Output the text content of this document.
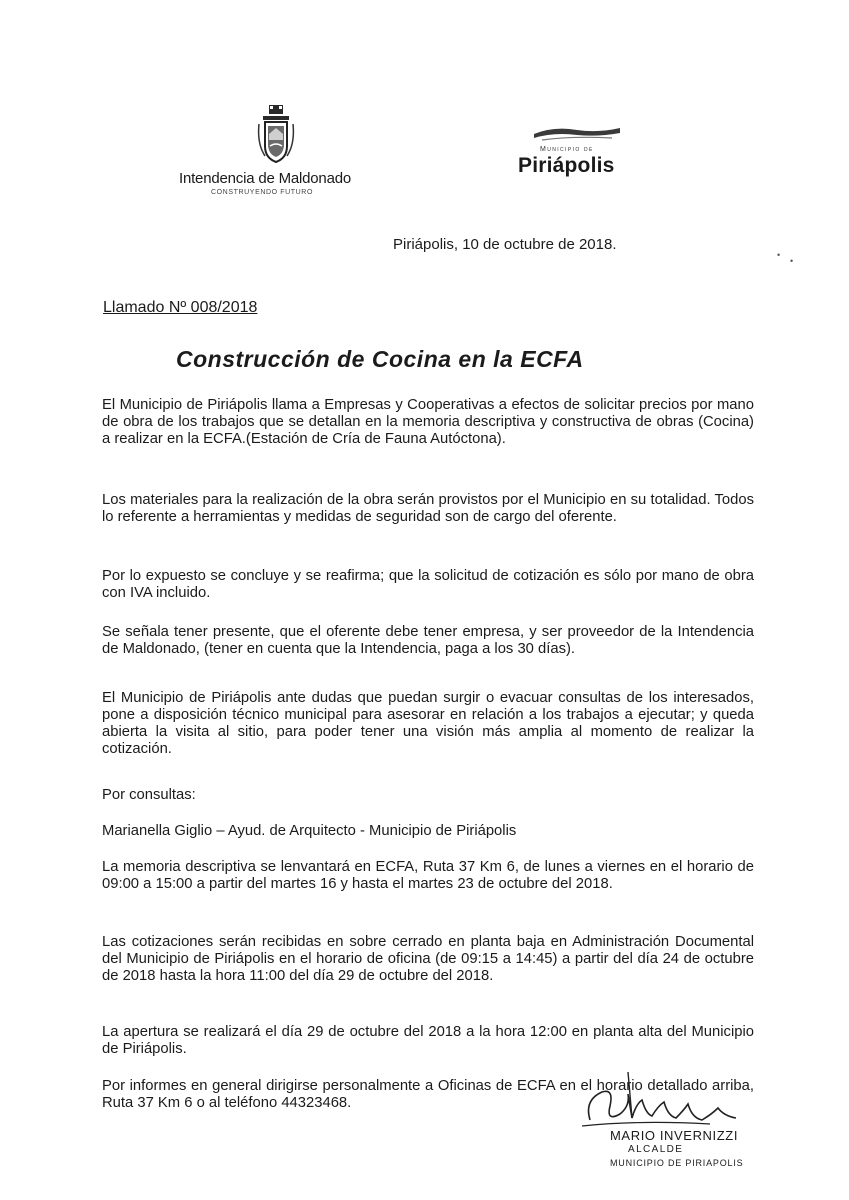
Intendencia de Maldonado
CONSTRUYENDO FUTURO
Municipio de
Piriápolis
Piriápolis, 10 de octubre de 2018.
Llamado Nº 008/2018
Construcción de Cocina en la ECFA

El Municipio de Piriápolis llama a Empresas y Cooperativas a efectos de solicitar precios por mano de obra de los trabajos que se detallan en la memoria descriptiva y constructiva de obras (Cocina) a realizar en la ECFA.(Estación de Cría de Fauna Autóctona).

Los materiales para la realización de la obra serán provistos por el Municipio en su totalidad. Todos lo referente a herramientas y medidas de seguridad son de cargo del oferente.

Por lo expuesto se concluye y se reafirma; que la solicitud de cotización es sólo por mano de obra con IVA incluido.

Se señala tener presente, que el oferente debe tener empresa, y ser proveedor de la Intendencia de Maldonado, (tener en cuenta que la Intendencia, paga a los 30 días).

El Municipio de Piriápolis ante dudas que puedan surgir o evacuar consultas de los interesados, pone a disposición técnico municipal para asesorar en relación a los trabajos a ejecutar; y queda abierta la visita al sitio, para poder tener una visión más amplia al momento de realizar la cotización.

Por consultas:

Marianella Giglio – Ayud. de Arquitecto - Municipio de Piriápolis

La memoria descriptiva se lenvantará en ECFA, Ruta 37 Km 6, de lunes a viernes en el horario de 09:00 a 15:00 a partir del martes 16 y hasta el martes 23 de octubre del 2018.

Las cotizaciones serán recibidas en sobre cerrado en planta baja en Administración Documental del Municipio de Piriápolis en el horario de oficina (de 09:15 a 14:45) a partir del día 24 de octubre de 2018 hasta la hora 11:00 del día 29 de octubre del 2018.

La apertura se realizará el día 29 de octubre del 2018 a la hora 12:00 en planta alta del Municipio de Piriápolis.

Por informes en general dirigirse personalmente a Oficinas de ECFA en el horario detallado arriba, Ruta 37 Km 6 o al teléfono 44323468.

MARIO INVERNIZZI
ALCALDE
MUNICIPIO DE PIRIAPOLIS
•
•
